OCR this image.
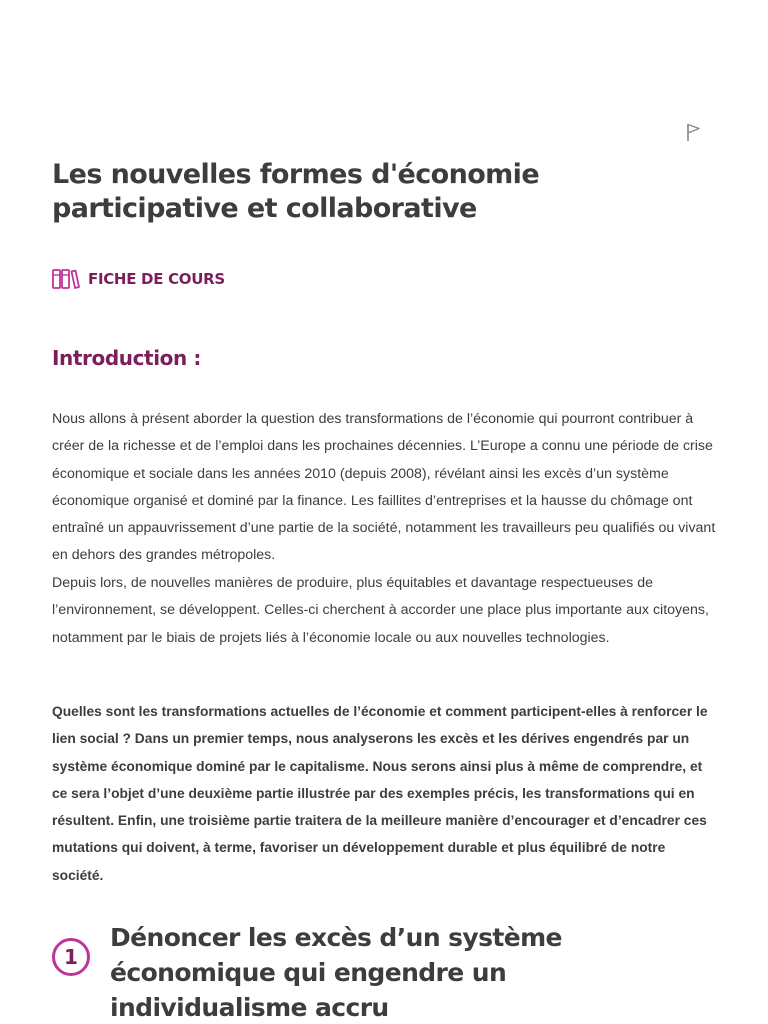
Les nouvelles formes d'économie participative et collaborative
FICHE DE COURS
Introduction :

Nous allons à présent aborder la question des transformations de l’économie qui pourront contribuer à créer de la richesse et de l’emploi dans les prochaines décennies. L’Europe a connu une période de crise économique et sociale dans les années 2010 (depuis 2008), révélant ainsi les excès d’un système économique organisé et dominé par la finance. Les faillites d’entreprises et la hausse du chômage ont entraîné un appauvrissement d’une partie de la société, notamment les travailleurs peu qualifiés ou vivant en dehors des grandes métropoles.

Depuis lors, de nouvelles manières de produire, plus équitables et davantage respectueuses de l’environnement, se développent. Celles-ci cherchent à accorder une place plus importante aux citoyens, notamment par le biais de projets liés à l’économie locale ou aux nouvelles technologies.

Quelles sont les transformations actuelles de l’économie et comment participent-elles à renforcer le lien social ? Dans un premier temps, nous analyserons les excès et les dérives engendrés par un système économique dominé par le capitalisme. Nous serons ainsi plus à même de comprendre, et ce sera l’objet d’une deuxième partie illustrée par des exemples précis, les transformations qui en résultent. Enfin, une troisième partie traitera de la meilleure manière d’encourager et d’encadrer ces mutations qui doivent, à terme, favoriser un développement durable et plus équilibré de notre société.

1
Dénoncer les excès d’un système économique qui engendre un individualisme accru
